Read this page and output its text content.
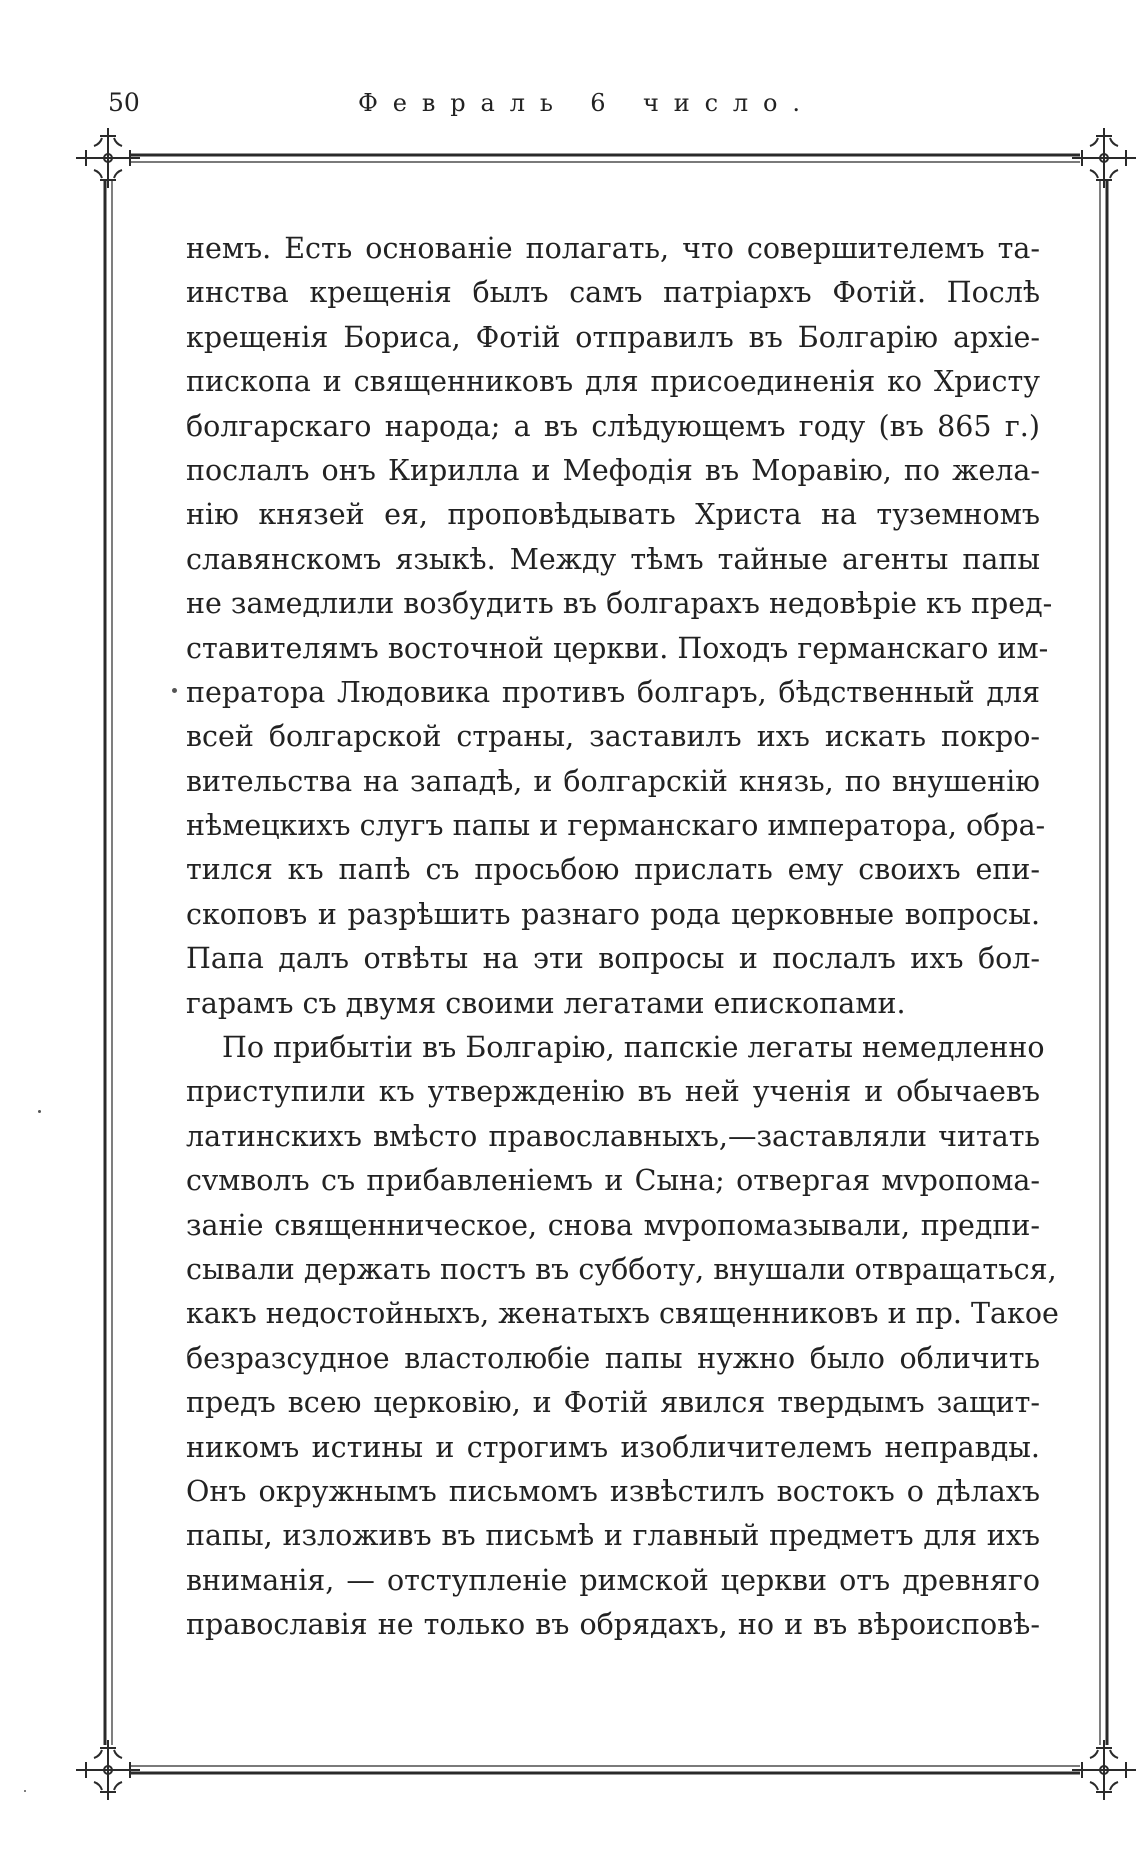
50	Февраль 6 число.
немъ. Есть основанiе полагать, что совершителемъ та-
инства крещенiя былъ самъ патрiархъ Фотiй. Послѣ
крещенiя Бориса, Фотiй отправилъ въ Болгарiю архiе-
пископа и священниковъ для присоединенiя ко Христу
болгарскаго народа; а въ слѣдующемъ году (въ 865 г.)
послалъ онъ Кирилла и Мефодiя въ Моравiю, по жела-
нiю князей ея, проповѣдывать Христа на туземномъ
славянскомъ языкѣ. Между тѣмъ тайные агенты папы
не замедлили возбудить въ болгарахъ недовѣрiе къ пред-
ставителямъ восточной церкви. Походъ германскаго им-
ператора Людовика противъ болгаръ, бѣдственный для
всей болгарской страны, заставилъ ихъ искать покро-
вительства на западѣ, и болгарскiй князь, по внушенiю
нѣмецкихъ слугъ папы и германскаго императора, обра-
тился къ папѣ съ просьбою прислать ему своихъ епи-
скоповъ и разрѣшить разнаго рода церковные вопросы.
Папа далъ отвѣты на эти вопросы и послалъ ихъ бол-
гарамъ съ двумя своими легатами епископами.
По прибытiи въ Болгарiю, папскiе легаты немедленно
приступили къ утвержденiю въ ней ученiя и обычаевъ
латинскихъ вмѣсто православныхъ,—заставляли читать
сvмволъ съ прибавленiемъ и Сына; отвергая мvропома-
занiе священническое, снова мvропомазывали, предпи-
сывали держать постъ въ субботу, внушали отвращаться,
какъ недостойныхъ, женатыхъ священниковъ и пр. Такое
безразсудное властолюбiе папы нужно было обличить
предъ всею церковiю, и Фотiй явился твердымъ защит-
никомъ истины и строгимъ изобличителемъ неправды.
Онъ окружнымъ письмомъ извѣстилъ востокъ о дѣлахъ
папы, изложивъ въ письмѣ и главный предметъ для ихъ
вниманiя, — отступленiе римской церкви отъ древняго
православiя не только въ обрядахъ, но и въ вѣроисповѣ-
